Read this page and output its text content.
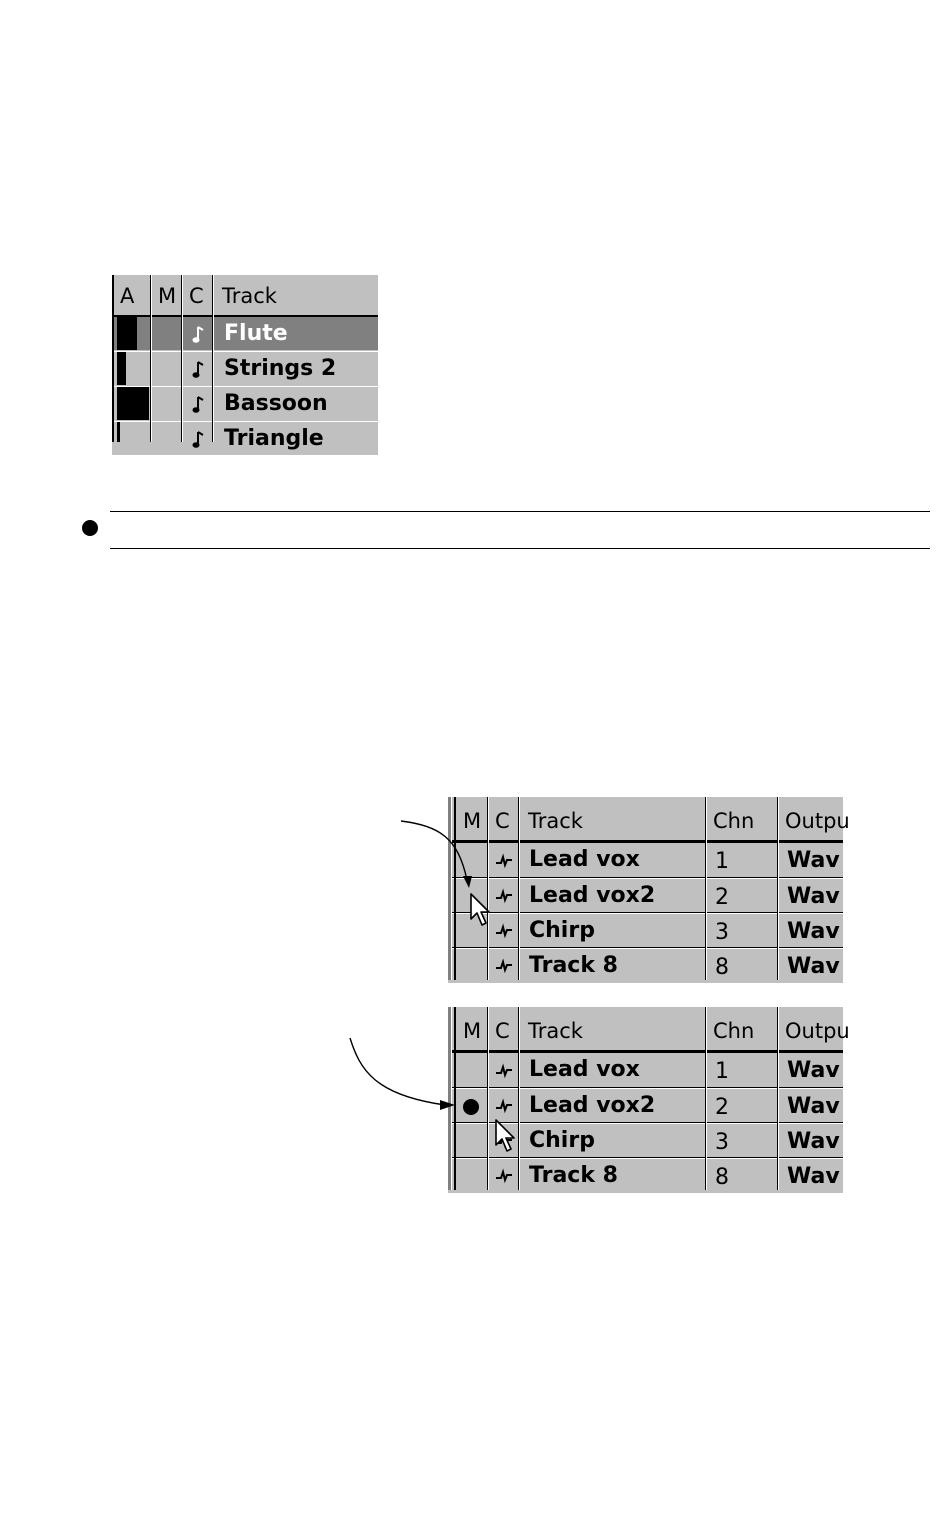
A	M C Track
Flute
Strings 2
Bassoon
Triangle
M C Track	Chn	Outpu
Lead vox	1	Wav
Lead vox2	2	Wav
Chirp	3	Wav
Track 8	8	Wav
M C Track	Chn	Outpu
Lead vox	1	Wav
Lead vox2	2	Wav
Chirp	3	Wav
Track 8	8	Wav
